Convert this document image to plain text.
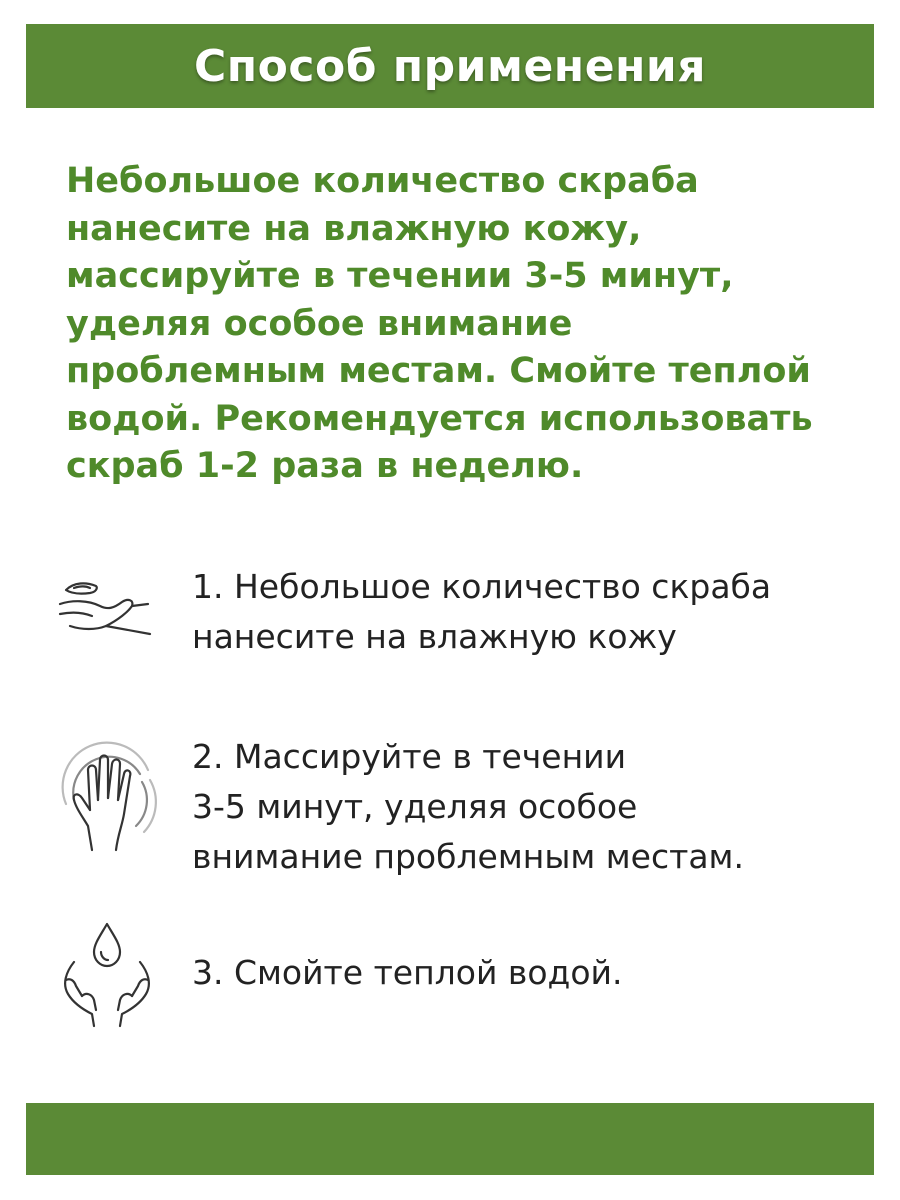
Способ применения
Небольшое количество скраба
нанесите на влажную кожу,
массируйте в течении 3-5 минут,
уделяя особое внимание
проблемным местам. Смойте теплой
водой. Рекомендуется использовать
скраб 1-2 раза в неделю.
1. Небольшое количество скраба
нанесите на влажную кожу
2. Массируйте в течении
3-5 минут, уделяя особое
внимание проблемным местам.
3. Смойте теплой водой.
